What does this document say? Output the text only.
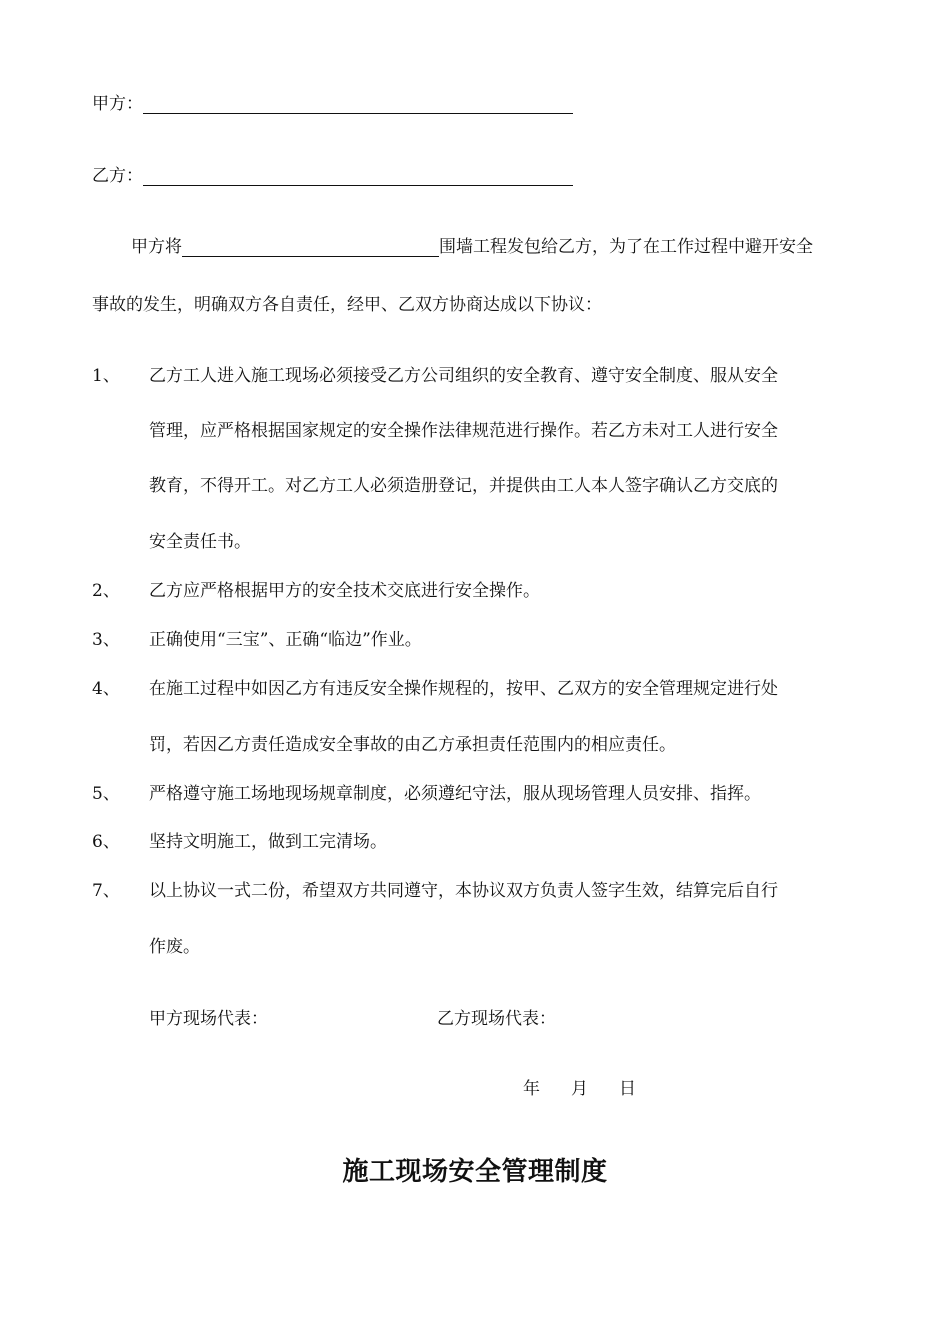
甲方：
乙方：
甲方将	围墙工程发包给乙方，为了在工作过程中避开安全
事故的发生，明确双方各自责任，经甲、乙双方协商达成以下协议：
1、 乙方工人进入施工现场必须接受乙方公司组织的安全教育、遵守安全制度、服从安全
管理，应严格根据国家规定的安全操作法律规范进行操作。若乙方未对工人进行安全
教育，不得开工。对乙方工人必须造册登记，并提供由工人本人签字确认乙方交底的
安全责任书。
2、 乙方应严格根据甲方的安全技术交底进行安全操作。
3、 正确使用“三宝”、正确“临边”作业。
4、 在施工过程中如因乙方有违反安全操作规程的，按甲、乙双方的安全管理规定进行处
罚，若因乙方责任造成安全事故的由乙方承担责任范围内的相应责任。
5、 严格遵守施工场地现场规章制度，必须遵纪守法，服从现场管理人员安排、指挥。
6、 坚持文明施工，做到工完清场。
7、 以上协议一式二份，希望双方共同遵守，本协议双方负责人签字生效，结算完后自行
作废。
甲方现场代表：	乙方现场代表：
年 月 日
施工现场安全管理制度
